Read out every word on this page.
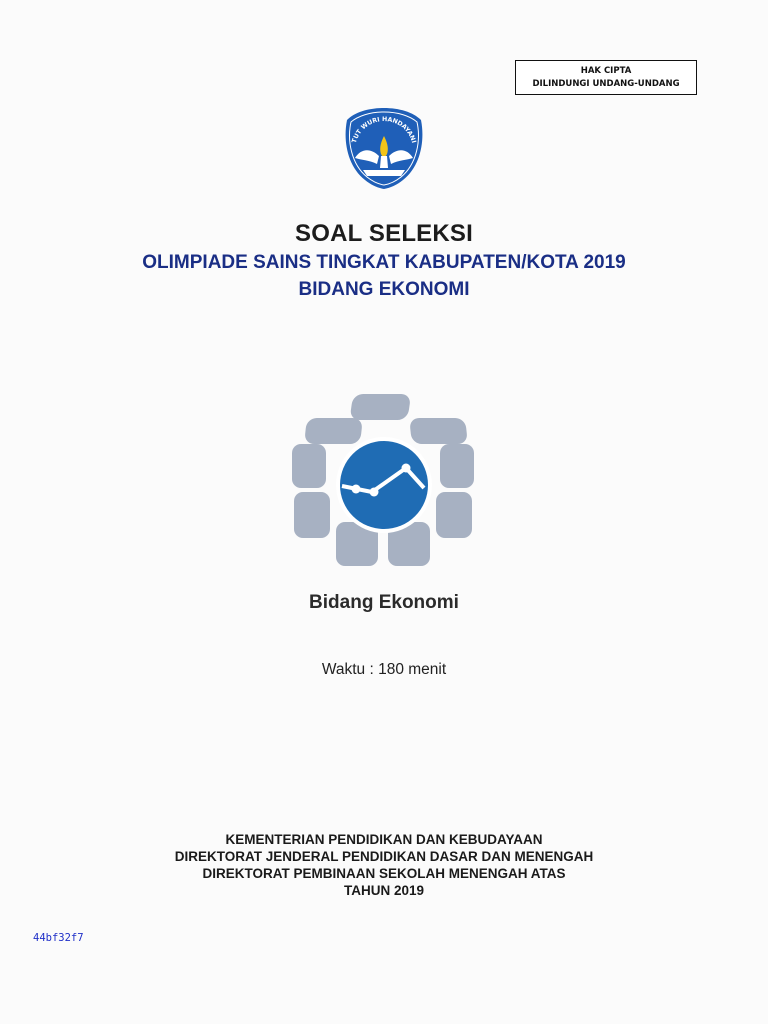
HAK CIPTA
DILINDUNGI UNDANG-UNDANG
TUT WURI HANDAYANI
SOAL SELEKSI
OLIMPIADE SAINS TINGKAT KABUPATEN/KOTA 2019
BIDANG EKONOMI
Bidang Ekonomi
Waktu : 180 menit
KEMENTERIAN PENDIDIKAN DAN KEBUDAYAAN
DIREKTORAT JENDERAL PENDIDIKAN DASAR DAN MENENGAH
DIREKTORAT PEMBINAAN SEKOLAH MENENGAH ATAS
TAHUN 2019
44bf32f7
